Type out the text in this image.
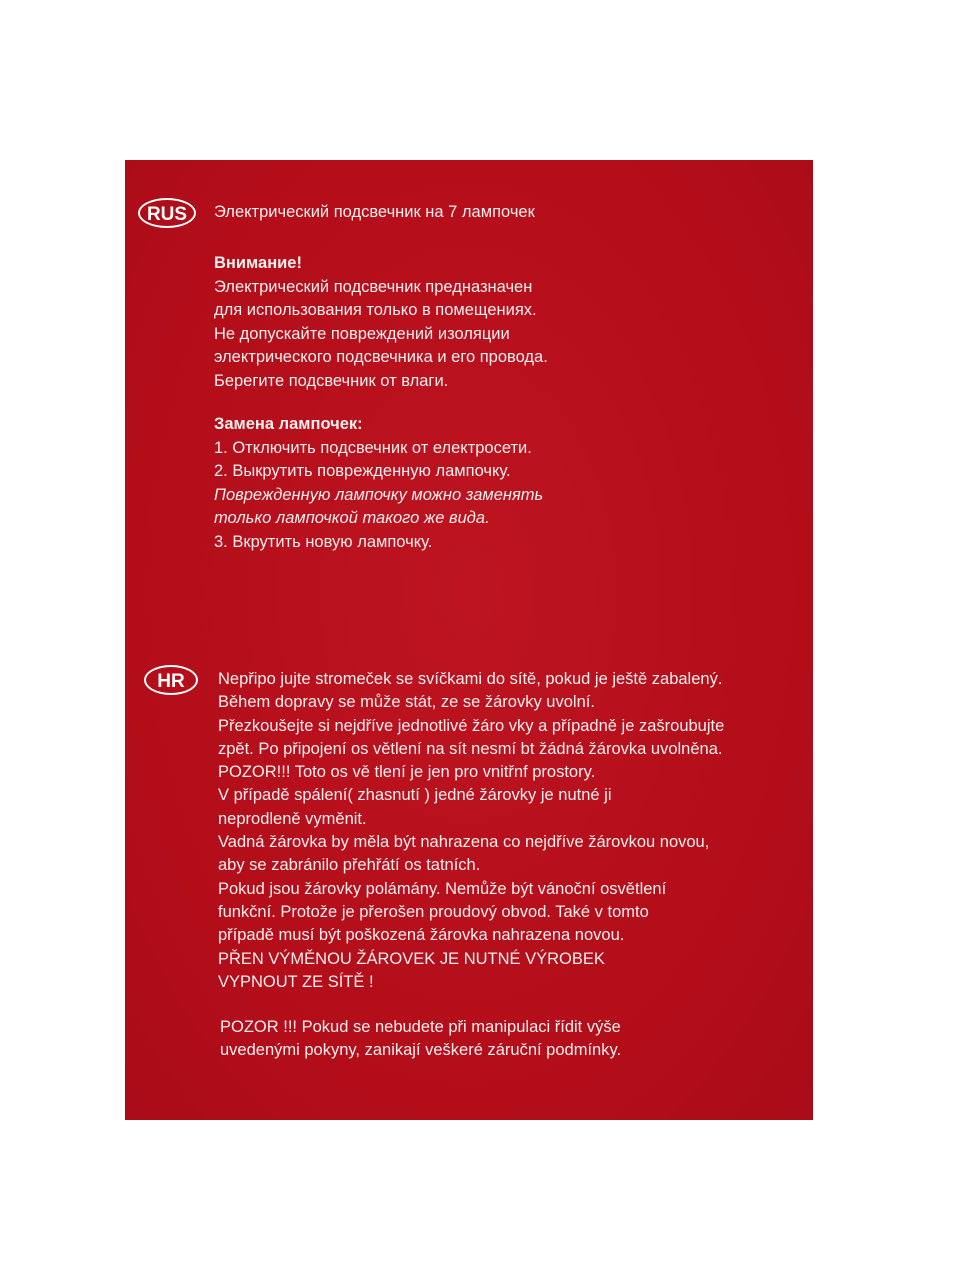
RUS	Электрический подсвечник на 7 лампочек
Внимание!
Электрический подсвечник предназначен
для использования только в помещениях.
Не допускайте повреждений изоляции
электрического подсвечника и его провода.
Берегите подсвечник от влаги.
Замена лампочек:
1. Отключить подсвечник от електросети.
2. Выкрутить поврежденную лампочку.
Поврежденную лампочку можно заменять
только лампочкой такого же вида.
3. Вкрутить новую лампочку.
HR	Nepřipo jujte stromeček se svíčkami do sítě, pokud je ještě zabalený.
Během dopravy se může stát, ze se žárovky uvolní.
Přezkoušejte si nejdříve jednotlivé žáro vky a případně je zašroubujte
zpět. Po připojení os větlení na sít nesmí bt žádná žárovka uvolněna.
POZOR!!! Toto os vě tlení je jen pro vnitřnf prostory.
V případě spálení( zhasnutí ) jedné žárovky je nutné ji
neprodleně vyměnit.
Vadná žárovka by měla být nahrazena co nejdříve žárovkou novou,
aby se zabránilo přehřátí os tatních.
Pokud jsou žárovky polámány. Nemůže být vánoční osvětlení
funkční. Protože je přerošen proudový obvod. Také v tomto
případě musí být poškozená žárovka nahrazena novou.
PŘEN VÝMĚNOU ŽÁROVEK JE NUTNÉ VÝROBEK
VYPNOUT ZE SÍTĚ !
POZOR !!! Pokud se nebudete při manipulaci řídit výše
uvedenými pokyny, zanikají veškeré záruční podmínky.
